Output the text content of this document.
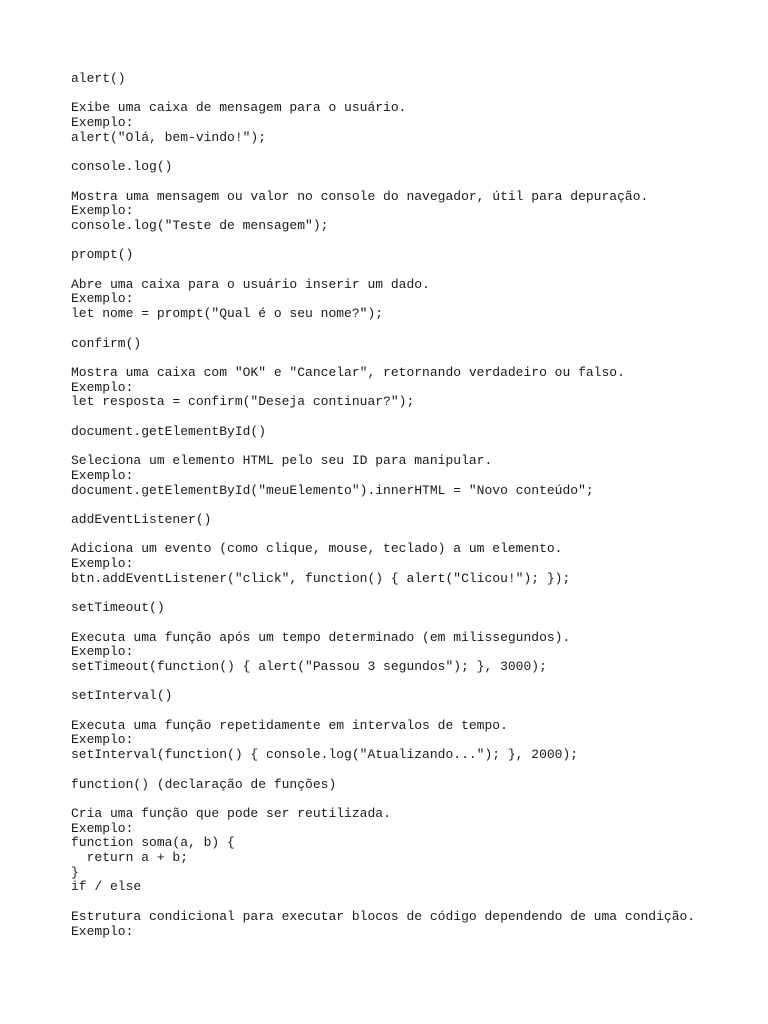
alert()

Exibe uma caixa de mensagem para o usuário.

Exemplo:

alert("Olá, bem-vindo!");

console.log()

Mostra uma mensagem ou valor no console do navegador, útil para depuração.

Exemplo:

console.log("Teste de mensagem");

prompt()

Abre uma caixa para o usuário inserir um dado.

Exemplo:

let nome = prompt("Qual é o seu nome?");

confirm()

Mostra uma caixa com "OK" e "Cancelar", retornando verdadeiro ou falso.

Exemplo:

let resposta = confirm("Deseja continuar?");

document.getElementById()

Seleciona um elemento HTML pelo seu ID para manipular.

Exemplo:

document.getElementById("meuElemento").innerHTML = "Novo conteúdo";

addEventListener()

Adiciona um evento (como clique, mouse, teclado) a um elemento.

Exemplo:

btn.addEventListener("click", function() { alert("Clicou!"); });

setTimeout()

Executa uma função após um tempo determinado (em milissegundos).

Exemplo:

setTimeout(function() { alert("Passou 3 segundos"); }, 3000);

setInterval()

Executa uma função repetidamente em intervalos de tempo.

Exemplo:

setInterval(function() { console.log("Atualizando..."); }, 2000);

function() (declaração de funções)

Cria uma função que pode ser reutilizada.

Exemplo:

function soma(a, b) {

return a + b;

}

if / else

Estrutura condicional para executar blocos de código dependendo de uma condição.

Exemplo:
